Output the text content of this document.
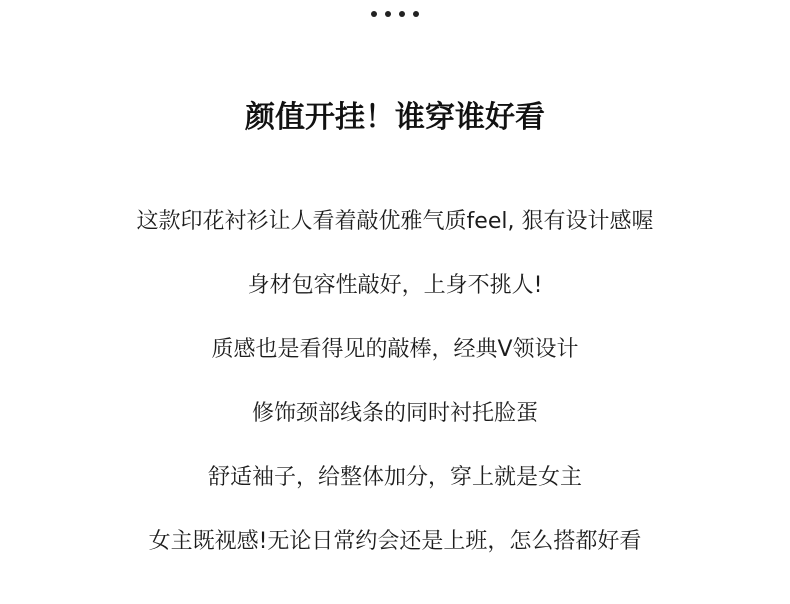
颜值开挂！谁穿谁好看
这款印花衬衫让人看着敲优雅气质feel, 狠有设计感喔
身材包容性敲好，上身不挑人!
质感也是看得见的敲棒，经典V领设计
修饰颈部线条的同时衬托脸蛋
舒适袖子，给整体加分，穿上就是女主
女主既视感!无论日常约会还是上班，怎么搭都好看
